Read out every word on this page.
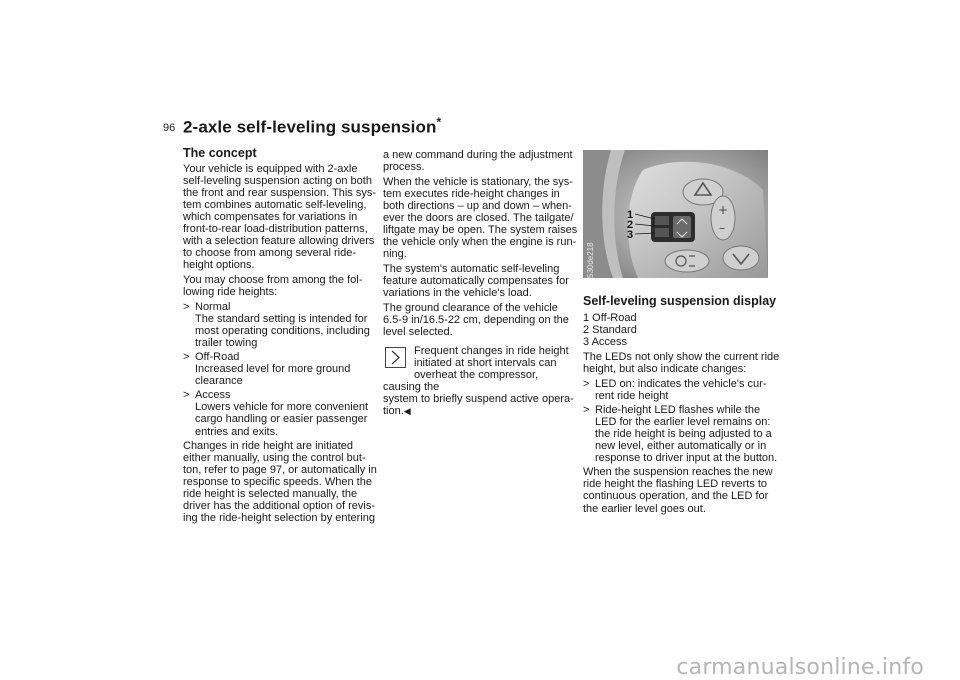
96 2-axle self-leveling suspension*

The concept

Your vehicle is equipped with 2-axle
self-leveling suspension acting on both
the front and rear suspension. This sys-
tem combines automatic self-leveling,
which compensates for variations in
front-to-rear load-distribution patterns,
with a selection feature allowing drivers
to choose from among several ride-
height options.

You may choose from among the fol-
lowing ride heights:

> Normal
The standard setting is intended for
most operating conditions, including
trailer towing
> Off-Road
Increased level for more ground
clearance
> Access
Lowers vehicle for more convenient
cargo handling or easier passenger
entries and exits.

Changes in ride height are initiated
either manually, using the control but-
ton, refer to page 97, or automatically in
response to specific speeds. When the
ride height is selected manually, the
driver has the additional option of revis-
ing the ride-height selection by entering

a new command during the adjustment
process.

When the vehicle is stationary, the sys-
tem executes ride-height changes in
both directions – up and down – when-
ever the doors are closed. The tailgate/
liftgate may be open. The system raises
the vehicle only when the engine is run-
ning.

The system's automatic self-leveling
feature automatically compensates for
variations in the vehicle's load.

The ground clearance of the vehicle
6.5-9 in/16.5-22 cm, depending on the
level selected.

Frequent changes in ride height
initiated at short intervals can
overheat the compressor, causing the
system to briefly suspend active opera-
tion.◀
+
–
1
2
3
530de218

Self-leveling suspension display

1 Off-Road
2 Standard
3 Access

The LEDs not only show the current ride
height, but also indicate changes:

> LED on: indicates the vehicle's cur-
rent ride height
> Ride-height LED flashes while the
LED for the earlier level remains on:
the ride height is being adjusted to a
new level, either automatically or in
response to driver input at the button.

When the suspension reaches the new
ride height the flashing LED reverts to
continuous operation, and the LED for
the earlier level goes out.

carmanualsonline.info
